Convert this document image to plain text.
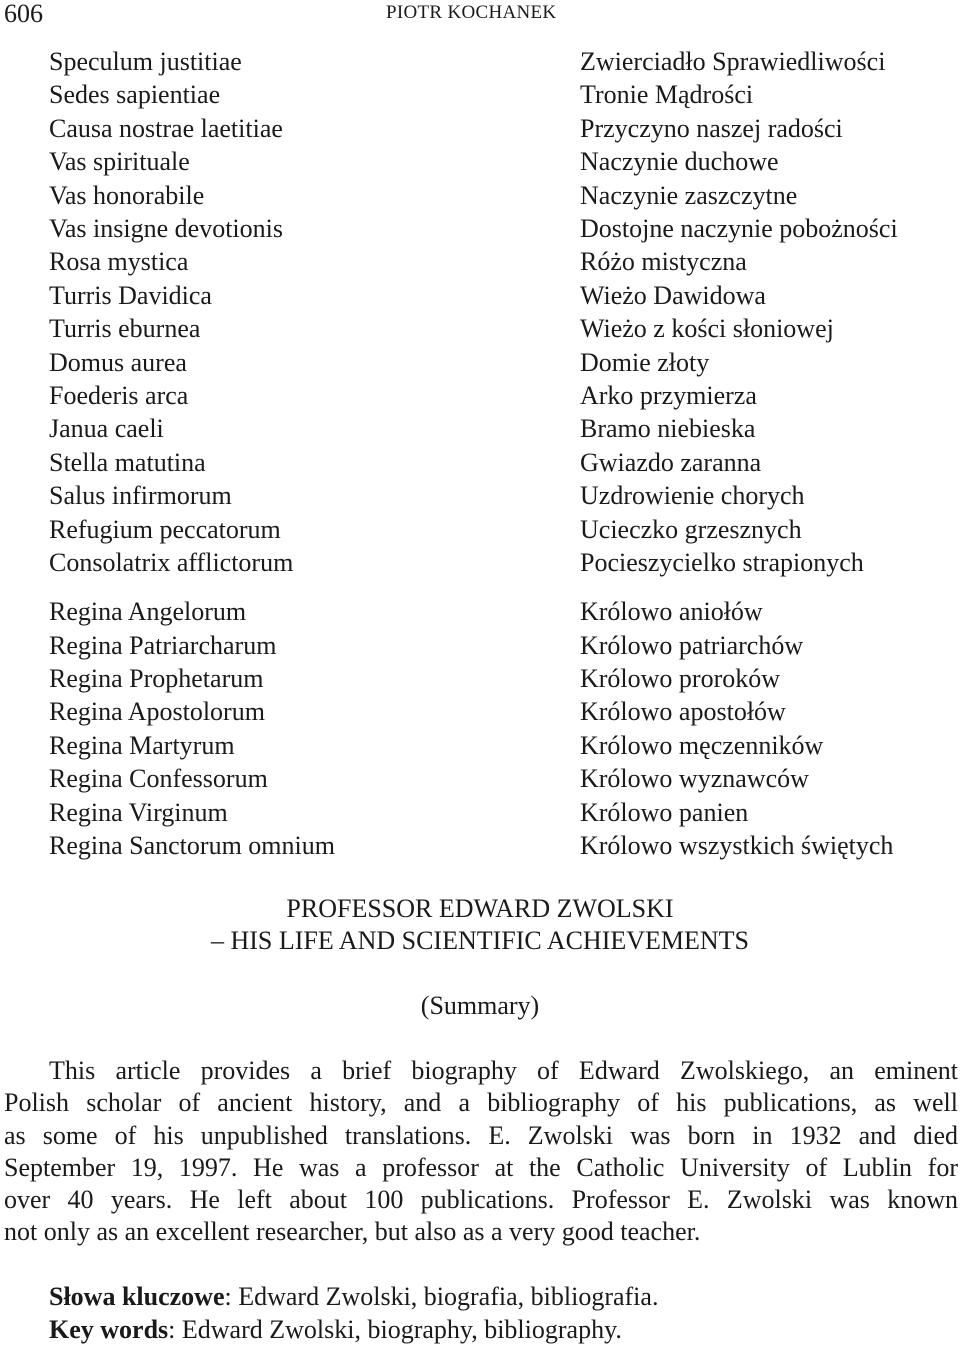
606	PIOTR KOCHANEK
Speculum justitiae
Sedes sapientiae
Causa nostrae laetitiae
Vas spirituale
Vas honorabile
Vas insigne devotionis
Rosa mystica
Turris Davidica
Turris eburnea
Domus aurea
Foederis arca
Janua caeli
Stella matutina
Salus infirmorum
Refugium peccatorum
Consolatrix afflictorum
Regina Angelorum
Regina Patriarcharum
Regina Prophetarum
Regina Apostolorum
Regina Martyrum
Regina Confessorum
Regina Virginum
Regina Sanctorum omnium
Zwierciadło Sprawiedliwości
Tronie Mądrości
Przyczyno naszej radości
Naczynie duchowe
Naczynie zaszczytne
Dostojne naczynie pobożności
Różo mistyczna
Wieżo Dawidowa
Wieżo z kości słoniowej
Domie złoty
Arko przymierza
Bramo niebieska
Gwiazdo zaranna
Uzdrowienie chorych
Ucieczko grzesznych
Pocieszycielko strapionych
Królowo aniołów
Królowo patriarchów
Królowo proroków
Królowo apostołów
Królowo męczenników
Królowo wyznawców
Królowo panien
Królowo wszystkich świętych
PROFESSOR EDWARD ZWOLSKI
– HIS LIFE AND SCIENTIFIC ACHIEVEMENTS
(Summary)
This article provides a brief biography of Edward Zwolskiego, an eminent
Polish scholar of ancient history, and a bibliography of his publications, as well
as some of his unpublished translations. E. Zwolski was born in 1932 and died
September 19, 1997. He was a professor at the Catholic University of Lublin for
over 40 years. He left about 100 publications. Professor E. Zwolski was known
not only as an excellent researcher, but also as a very good teacher.
Słowa kluczowe: Edward Zwolski, biografia, bibliografia.
Key words: Edward Zwolski, biography, bibliography.
